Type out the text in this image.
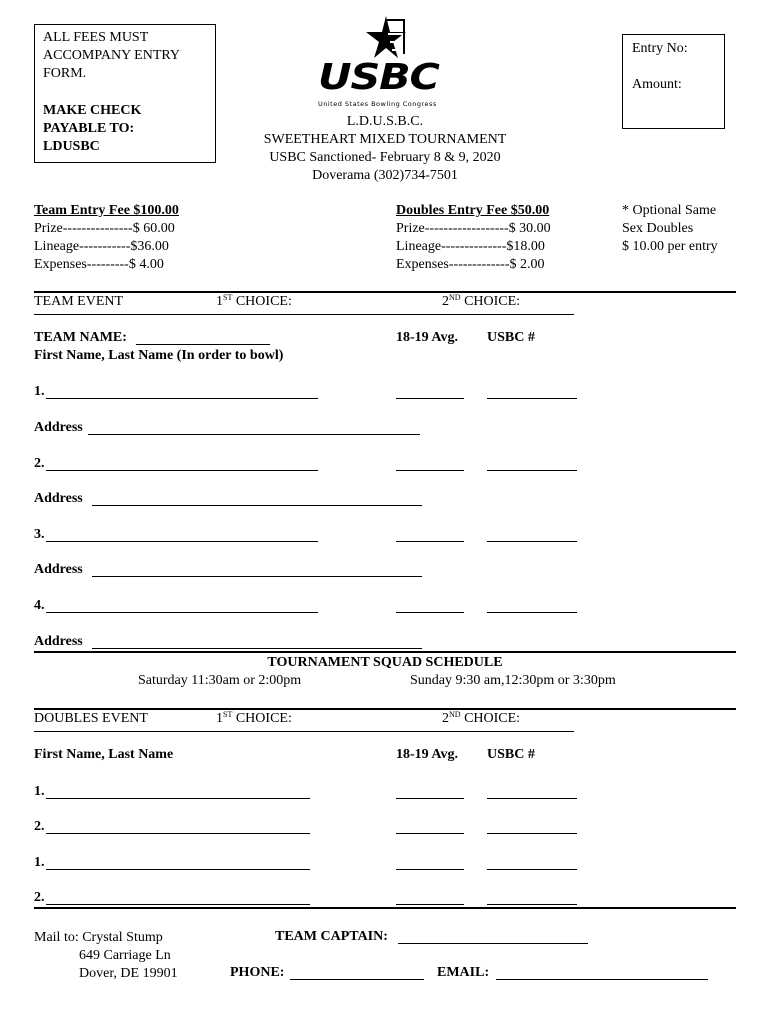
ALL FEES MUST
ACCOMPANY ENTRY
FORM.
MAKE CHECK
PAYABLE TO:
LDUSBC
USBC
United States Bowling Congress
Entry No:
Amount:
L.D.U.S.B.C.
SWEETHEART MIXED TOURNAMENT
USBC Sanctioned- February 8 & 9, 2020
Doverama (302)734-7501
Team Entry Fee $100.00
Prize---------------$ 60.00
Lineage-----------$36.00
Expenses---------$ 4.00
Doubles Entry Fee $50.00
Prize------------------$ 30.00
Lineage--------------$18.00
Expenses-------------$ 2.00
* Optional Same
Sex Doubles
$ 10.00 per entry
TEAM EVENT	1ST CHOICE:	2ND CHOICE:
TEAM NAME:
First Name, Last Name (In order to bowl)
18-19 Avg. USBC #
1.
Address
2.
Address
3.
Address
4.
Address
TOURNAMENT SQUAD SCHEDULE
Saturday 11:30am or 2:00pm	Sunday 9:30 am,12:30pm or 3:30pm
DOUBLES EVENT	1ST CHOICE:	2ND CHOICE:
First Name, Last Name	18-19 Avg. USBC #
1.
2.
1.
2.
Mail to: Crystal Stump
649 Carriage Ln
Dover, DE 19901
TEAM CAPTAIN:
PHONE:	EMAIL:
